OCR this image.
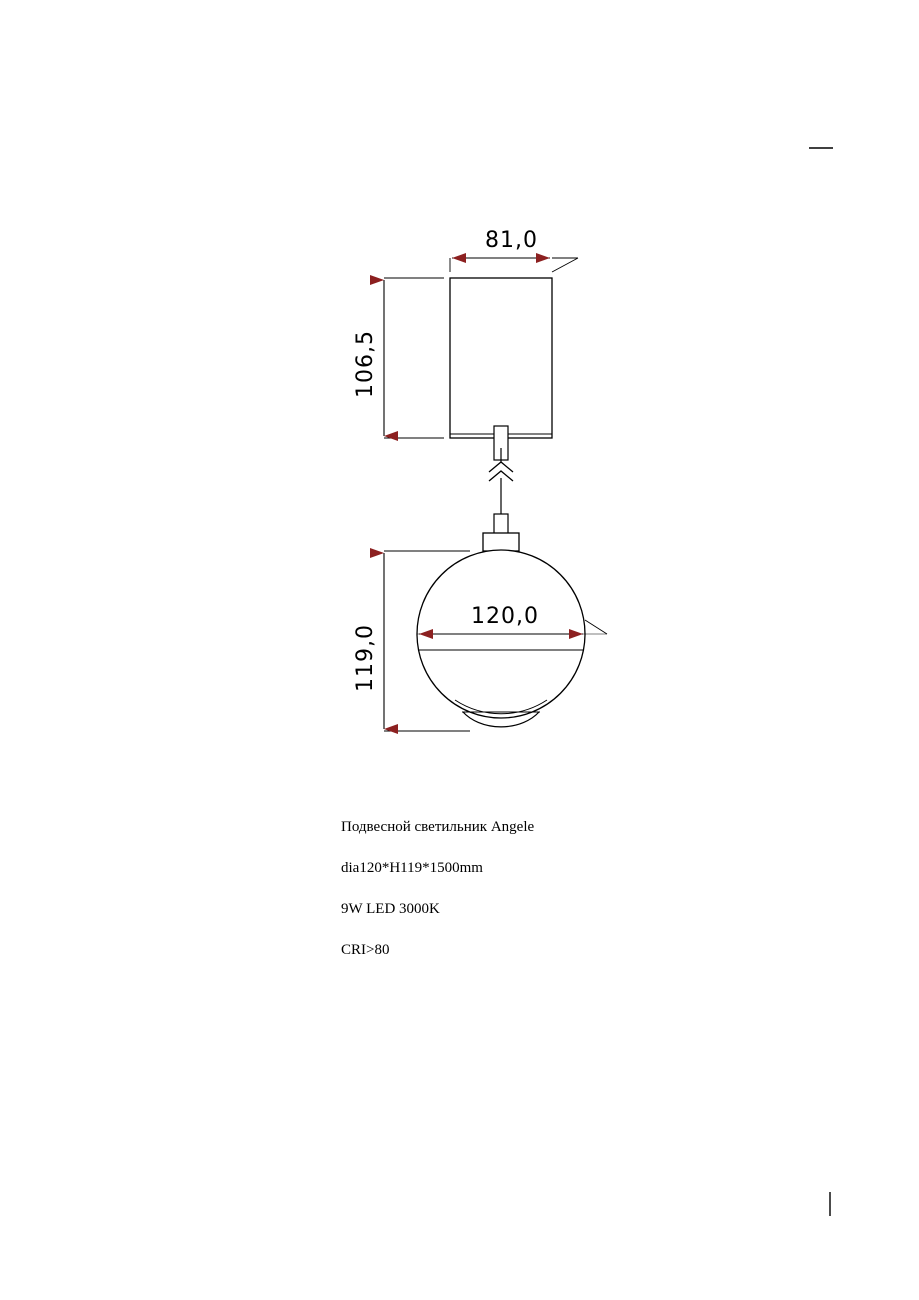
81,0
106,5
120,0
119,0
Подвесной светильник Angele
dia120*H119*1500mm
9W LED 3000K
CRI>80
